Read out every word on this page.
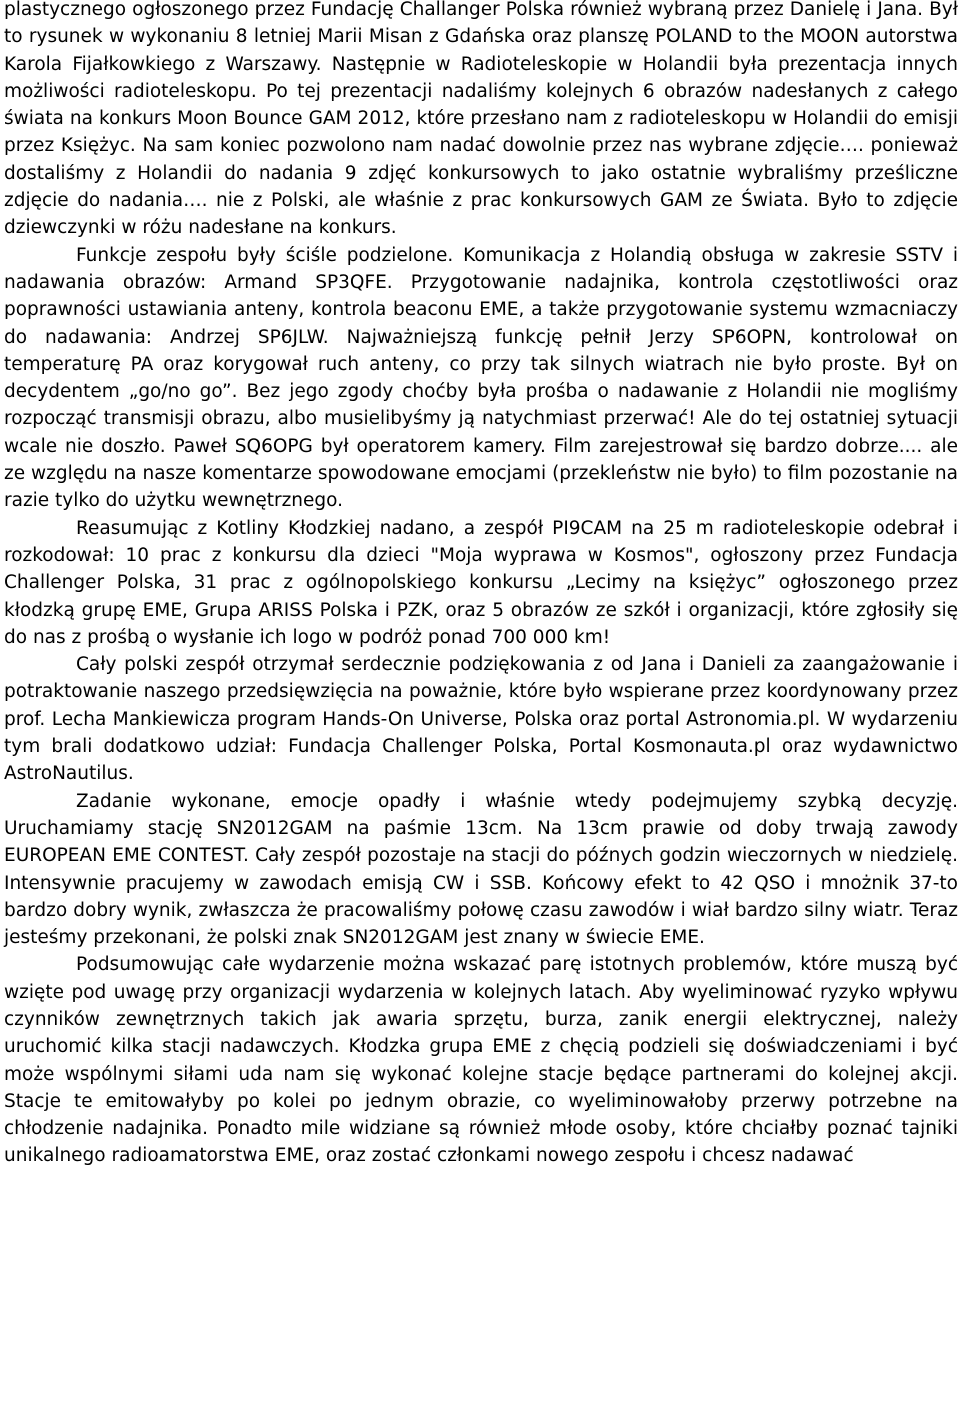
plastycznego ogłoszonego przez Fundację Challanger Polska również wybraną przez Danielę i Jana. Był to rysunek w wykonaniu 8 letniej Marii Misan z Gdańska oraz planszę POLAND to the MOON autorstwa Karola Fijałkowkiego z Warszawy. Następnie w Radioteleskopie w Holandii była prezentacja innych możliwości radioteleskopu. Po tej prezentacji nadaliśmy kolejnych 6 obrazów nadesłanych z całego świata na konkurs Moon Bounce GAM 2012, które przesłano nam z radioteleskopu w Holandii do emisji przez Księżyc. Na sam koniec pozwolono nam nadać dowolnie przez nas wybrane zdjęcie…. ponieważ dostaliśmy z Holandii do nadania 9 zdjęć konkursowych to jako ostatnie wybraliśmy prześliczne zdjęcie do nadania…. nie z Polski, ale właśnie z prac konkursowych GAM ze Świata. Było to zdjęcie dziewczynki w różu nadesłane na konkurs.

Funkcje zespołu były ściśle podzielone. Komunikacja z Holandią obsługa w zakresie SSTV i nadawania obrazów: Armand SP3QFE. Przygotowanie nadajnika, kontrola częstotliwości oraz poprawności ustawiania anteny, kontrola beaconu EME, a także przygotowanie systemu wzmacniaczy do nadawania: Andrzej SP6JLW. Najważniejszą funkcję pełnił Jerzy SP6OPN, kontrolował on temperaturę PA oraz korygował ruch anteny, co przy tak silnych wiatrach nie było proste. Był on decydentem „go/no go”. Bez jego zgody choćby była prośba o nadawanie z Holandii nie mogliśmy rozpocząć transmisji obrazu, albo musielibyśmy ją natychmiast przerwać! Ale do tej ostatniej sytuacji wcale nie doszło. Paweł SQ6OPG był operatorem kamery. Film zarejestrował się bardzo dobrze.... ale ze względu na nasze komentarze spowodowane emocjami (przekleństw nie było) to film pozostanie na razie tylko do użytku wewnętrznego.

Reasumując z Kotliny Kłodzkiej nadano, a zespół PI9CAM na 25 m radioteleskopie odebrał i rozkodował: 10 prac z konkursu dla dzieci "Moja wyprawa w Kosmos", ogłoszony przez Fundacja Challenger Polska, 31 prac z ogólnopolskiego konkursu „Lecimy na księżyc” ogłoszonego przez kłodzką grupę EME, Grupa ARISS Polska i PZK, oraz 5 obrazów ze szkół i organizacji, które zgłosiły się do nas z prośbą o wysłanie ich logo w podróż ponad 700 000 km!

Cały polski zespół otrzymał serdecznie podziękowania z od Jana i Danieli za zaangażowanie i potraktowanie naszego przedsięwzięcia na poważnie, które było wspierane przez koordynowany przez prof. Lecha Mankiewicza program Hands-On Universe, Polska oraz portal Astronomia.pl. W wydarzeniu tym brali dodatkowo udział: Fundacja Challenger Polska, Portal Kosmonauta.pl oraz wydawnictwo AstroNautilus.

Zadanie wykonane, emocje opadły i właśnie wtedy podejmujemy szybką decyzję. Uruchamiamy stację SN2012GAM na paśmie 13cm. Na 13cm prawie od doby trwają zawody EUROPEAN EME CONTEST. Cały zespół pozostaje na stacji do późnych godzin wieczornych w niedzielę. Intensywnie pracujemy w zawodach emisją CW i SSB. Końcowy efekt to 42 QSO i mnożnik 37-to bardzo dobry wynik, zwłaszcza że pracowaliśmy połowę czasu zawodów i wiał bardzo silny wiatr. Teraz jesteśmy przekonani, że polski znak SN2012GAM jest znany w świecie EME.

Podsumowując całe wydarzenie można wskazać parę istotnych problemów, które muszą być wzięte pod uwagę przy organizacji wydarzenia w kolejnych latach. Aby wyeliminować ryzyko wpływu czynników zewnętrznych takich jak awaria sprzętu, burza, zanik energii elektrycznej, należy uruchomić kilka stacji nadawczych. Kłodzka grupa EME z chęcią podzieli się doświadczeniami i być może wspólnymi siłami uda nam się wykonać kolejne stacje będące partnerami do kolejnej akcji. Stacje te emitowałyby po kolei po jednym obrazie, co wyeliminowałoby przerwy potrzebne na chłodzenie nadajnika. Ponadto mile widziane są również młode osoby, które chciałby poznać tajniki unikalnego radioamatorstwa EME, oraz zostać członkami nowego zespołu i chcesz nadawać
